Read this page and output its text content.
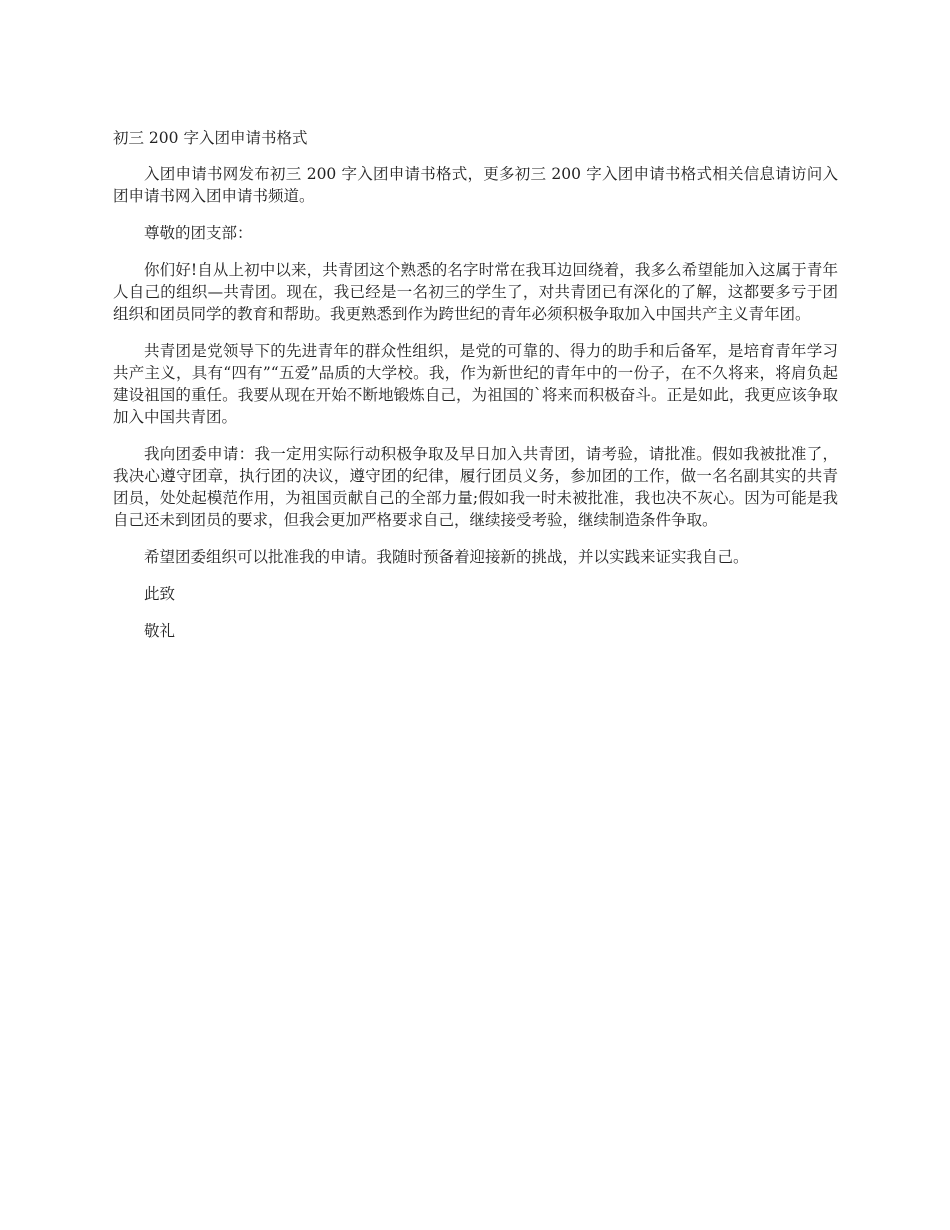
初三 200 字入团申请书格式

入团申请书网发布初三 200 字入团申请书格式，更多初三 200 字入团申请书格式相关信息请访问入团申请书网入团申请书频道。

尊敬的团支部：

你们好!自从上初中以来，共青团这个熟悉的名字时常在我耳边回绕着，我多么希望能加入这属于青年人自己的组织—共青团。现在，我已经是一名初三的学生了，对共青团已有深化的了解，这都要多亏于团组织和团员同学的教育和帮助。我更熟悉到作为跨世纪的青年必须积极争取加入中国共产主义青年团。

共青团是党领导下的先进青年的群众性组织，是党的可靠的、得力的助手和后备军，是培育青年学习共产主义，具有“四有”“五爱”品质的大学校。我，作为新世纪的青年中的一份子，在不久将来，将肩负起建设祖国的重任。我要从现在开始不断地锻炼自己，为祖国的`将来而积极奋斗。正是如此，我更应该争取加入中国共青团。

我向团委申请：我一定用实际行动积极争取及早日加入共青团，请考验，请批准。假如我被批准了，我决心遵守团章，执行团的决议，遵守团的纪律，履行团员义务，参加团的工作，做一名名副其实的共青团员，处处起模范作用，为祖国贡献自己的全部力量;假如我一时未被批准，我也决不灰心。因为可能是我自己还未到团员的要求，但我会更加严格要求自己，继续接受考验，继续制造条件争取。

希望团委组织可以批准我的申请。我随时预备着迎接新的挑战，并以实践来证实我自己。

此致

敬礼
